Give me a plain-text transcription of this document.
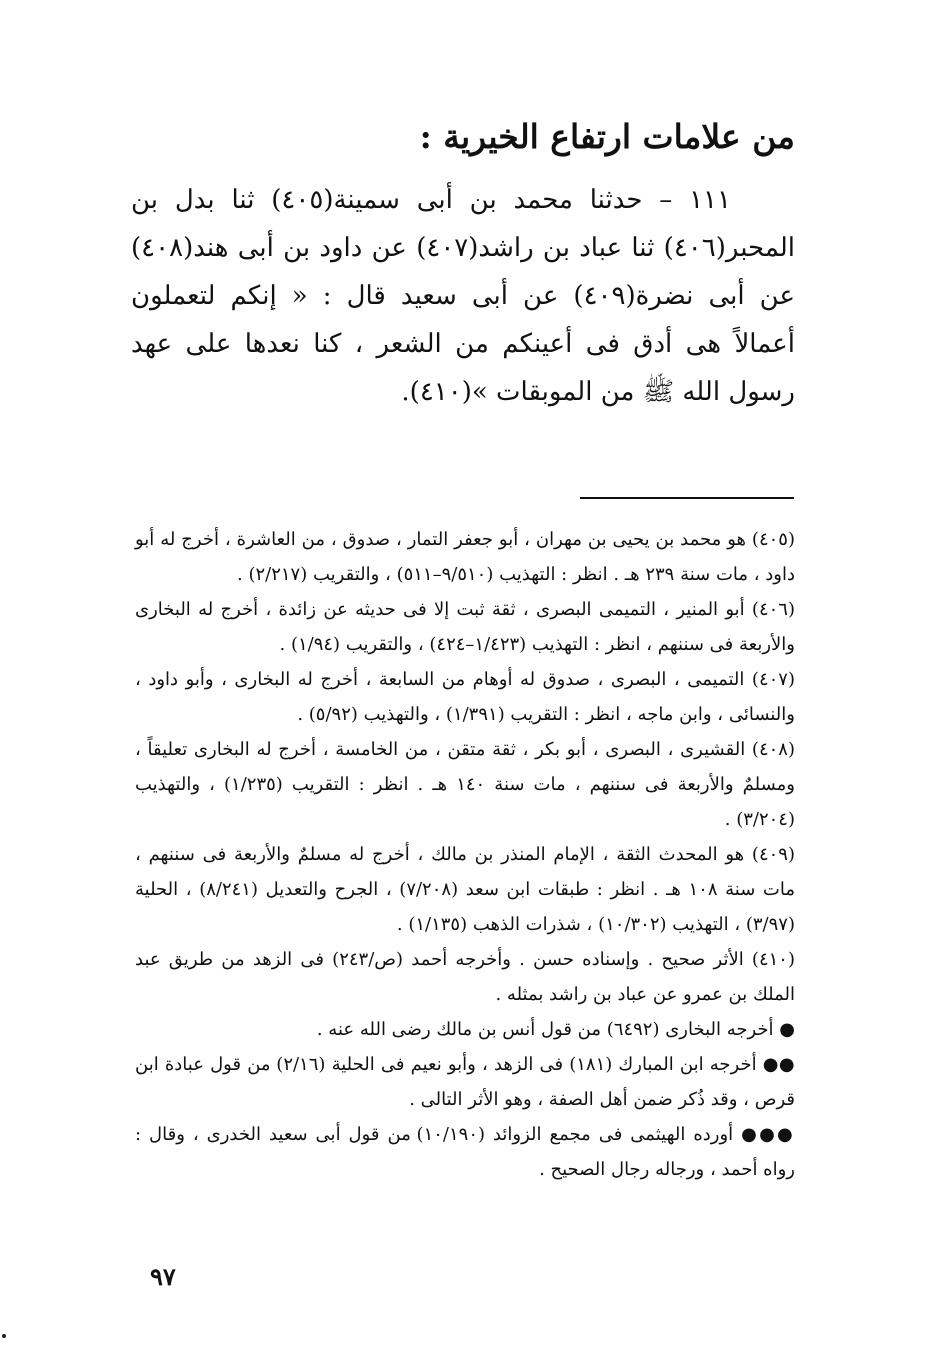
من علامات ارتفاع الخيرية :

١١١ – حدثنا محمد بن أبى سمينة(٤٠٥) ثنا بدل بن المحبر(٤٠٦) ثنا عباد بن راشد(٤٠٧) عن داود بن أبى هند(٤٠٨) عن أبى نضرة(٤٠٩) عن أبى سعيد قال : « إنكم لتعملون أعمالاً هى أدق فى أعينكم من الشعر ، كنا نعدها على عهد رسول الله ﷺ من الموبقات »(٤١٠).

(٤٠٥) هو محمد بن يحيى بن مهران ، أبو جعفر التمار ، صدوق ، من العاشرة ، أخرج له أبو داود ، مات سنة ٢٣٩ هـ . انظر : التهذيب (٩/٥١٠–٥١١) ، والتقريب (٢/٢١٧) .

(٤٠٦) أبو المنير ، التميمى البصرى ، ثقة ثبت إلا فى حديثه عن زائدة ، أخرج له البخارى والأربعة فى سننهم ، انظر : التهذيب (١/٤٢٣–٤٢٤) ، والتقريب (١/٩٤) .

(٤٠٧) التميمى ، البصرى ، صدوق له أوهام من السابعة ، أخرج له البخارى ، وأبو داود ، والنسائى ، وابن ماجه ، انظر : التقريب (١/٣٩١) ، والتهذيب (٥/٩٢) .

(٤٠٨) القشيرى ، البصرى ، أبو بكر ، ثقة متقن ، من الخامسة ، أخرج له البخارى تعليقاً ، ومسلمٌ والأربعة فى سننهم ، مات سنة ١٤٠ هـ . انظر : التقريب (١/٢٣٥) ، والتهذيب (٣/٢٠٤) .

(٤٠٩) هو المحدث الثقة ، الإمام المنذر بن مالك ، أخرج له مسلمٌ والأربعة فى سننهم ، مات سنة ١٠٨ هـ . انظر : طبقات ابن سعد (٧/٢٠٨) ، الجرح والتعديل (٨/٢٤١) ، الحلية (٣/٩٧) ، التهذيب (١٠/٣٠٢) ، شذرات الذهب (١/١٣٥) .

(٤١٠) الأثر صحيح . وإسناده حسن . وأخرجه أحمد (ص/٢٤٣) فى الزهد من طريق عبد الملك بن عمرو عن عباد بن راشد بمثله .

● أخرجه البخارى (٦٤٩٢) من قول أنس بن مالك رضى الله عنه .

●● أخرجه ابن المبارك (١٨١) فى الزهد ، وأبو نعيم فى الحلية (٢/١٦) من قول عبادة ابن قرص ، وقد ذُكر ضمن أهل الصفة ، وهو الأثر التالى .

●●● أورده الهيثمى فى مجمع الزوائد (١٠/١٩٠) من قول أبى سعيد الخدرى ، وقال : رواه أحمد ، ورجاله رجال الصحيح .

٩٧
